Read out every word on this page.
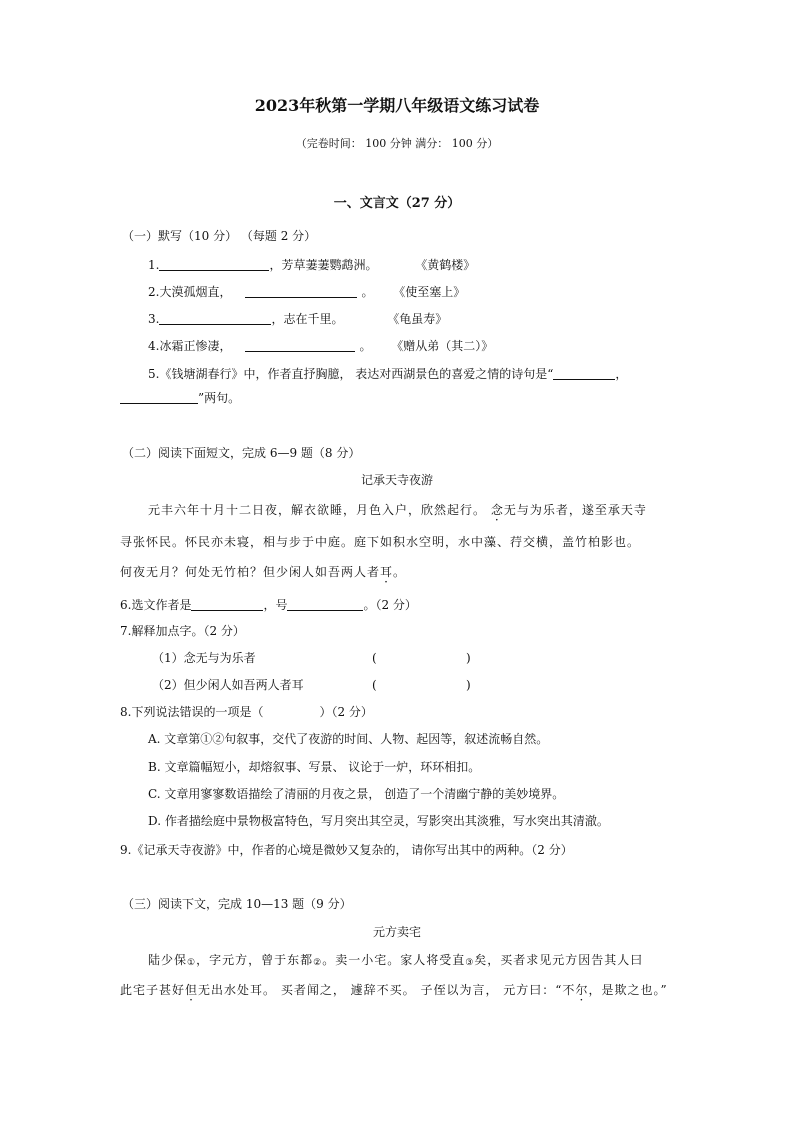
2023年秋第一学期八年级语文练习试卷
（完卷时间： 100 分钟 满分： 100 分）
一、文言文（27 分）
（一）默写（10 分） （每题 2 分）
1.	，芳草萋萋鹦鹉洲。	《黄鹤楼》
2.大漠孤烟直，	。 《使至塞上》
3.	，志在千里。	《龟虽寿》
4.冰霜正惨凄，	。 《赠从弟（其二）》
5.《钱塘湖春行》中，作者直抒胸臆， 表达对西湖景色的喜爱之情的诗句是“	，
”两句。
（二）阅读下面短文，完成 6—9 题（8 分）
记承天寺夜游
元丰六年十月十二日夜，解衣欲睡，月色入户，欣然起行。 念无与为乐者，遂至承天寺
寻张怀民。怀民亦未寝，相与步于中庭。庭下如积水空明，水中藻、荇交横，盖竹柏影也。
何夜无月？何处无竹柏？但少闲人如吾两人者耳。
6.选文作者是	，号	。（2 分）
7.解释加点字。（2 分）
（1）念无与为乐者	(	)
（2）但少闲人如吾两人者耳	(	)
8.下列说法错误的一项是（	）（2 分）
A. 文章第①②句叙事，交代了夜游的时间、人物、起因等，叙述流畅自然。
B. 文章篇幅短小，却熔叙事、写景、 议论于一炉，环环相扣。
C. 文章用寥寥数语描绘了清丽的月夜之景， 创造了一个清幽宁静的美妙境界。
D. 作者描绘庭中景物极富特色，写月突出其空灵，写影突出其淡雅，写水突出其清澈。
9.《记承天寺夜游》中，作者的心境是微妙又复杂的， 请你写出其中的两种。（2 分）
（三）阅读下文，完成 10—13 题（9 分）
元方卖宅
陆少保$_①$，字元方，曾于东都$_②$。卖一小宅。家人将受直$_③$矣，买者求见元方因告其人曰
此宅子甚好但无出水处耳。 买者闻之， 遽辞不买。 子侄以为言， 元方曰：“不尔，是欺之也。”
